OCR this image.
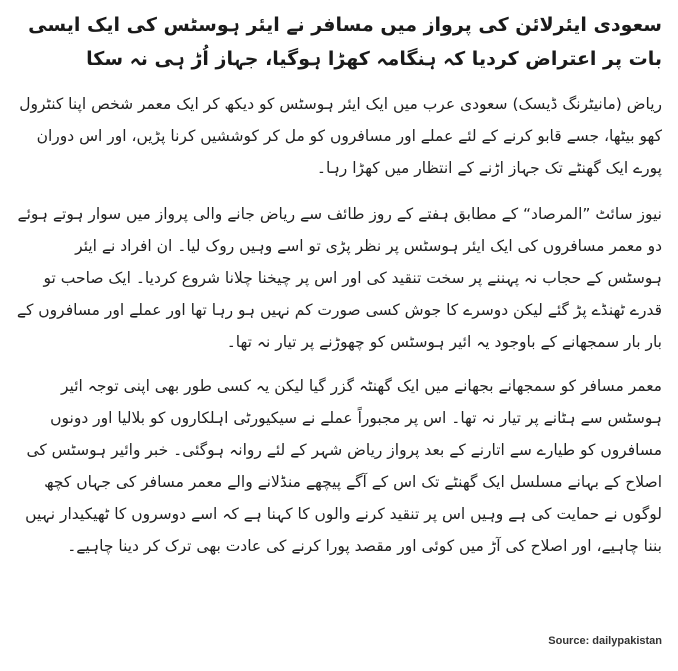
سعودی ایئرلائن کی پرواز میں مسافر نے ایئر ہوسٹس کی ایک ایسی بات پر اعتراض کردیا کہ ہنگامہ کھڑا ہوگیا، جہاز اُڑ ہی نہ سکا

ریاض (مانیٹرنگ ڈیسک) سعودی عرب میں ایک ایئر ہوسٹس کو دیکھ کر ایک معمر شخص اپنا کنٹرول کھو بیٹھا، جسے قابو کرنے کے لئے عملے اور مسافروں کو مل کر کوششیں کرنا پڑیں، اور اس دوران پورے ایک گھنٹے تک جہاز اڑنے کے انتظار میں کھڑا رہا۔

نیوز سائٹ ”المرصاد“ کے مطابق ہفتے کے روز طائف سے ریاض جانے والی پرواز میں سوار ہوتے ہوئے دو معمر مسافروں کی ایک ایئر ہوسٹس پر نظر پڑی تو اسے وہیں روک لیا۔ ان افراد نے ایئر ہوسٹس کے حجاب نہ پہننے پر سخت تنقید کی اور اس پر چیخنا چلانا شروع کردیا۔ ایک صاحب تو قدرے ٹھنڈے پڑ گئے لیکن دوسرے کا جوش کسی صورت کم نہیں ہو رہا تھا اور عملے اور مسافروں کے بار بار سمجھانے کے باوجود یہ ائیر ہوسٹس کو چھوڑنے پر تیار نہ تھا۔

معمر مسافر کو سمجھانے بجھانے میں ایک گھنٹہ گزر گیا لیکن یہ کسی طور بھی اپنی توجہ ائیر ہوسٹس سے ہٹانے پر تیار نہ تھا۔ اس پر مجبوراً عملے نے سیکیورٹی اہلکاروں کو بلالیا اور دونوں مسافروں کو طیارے سے اتارنے کے بعد پرواز ریاض شہر کے لئے روانہ ہوگئی۔ خبر وائیر ہوسٹس کی اصلاح کے بہانے مسلسل ایک گھنٹے تک اس کے آگے پیچھے منڈلانے والے معمر مسافر کی جہاں کچھ لوگوں نے حمایت کی ہے وہیں اس پر تنقید کرنے والوں کا کہنا ہے کہ اسے دوسروں کا ٹھیکیدار نہیں بننا چاہیے، اور اصلاح کی آڑ میں کوئی اور مقصد پورا کرنے کی عادت بھی ترک کر دینا چاہیے۔

Source: dailypakistan
